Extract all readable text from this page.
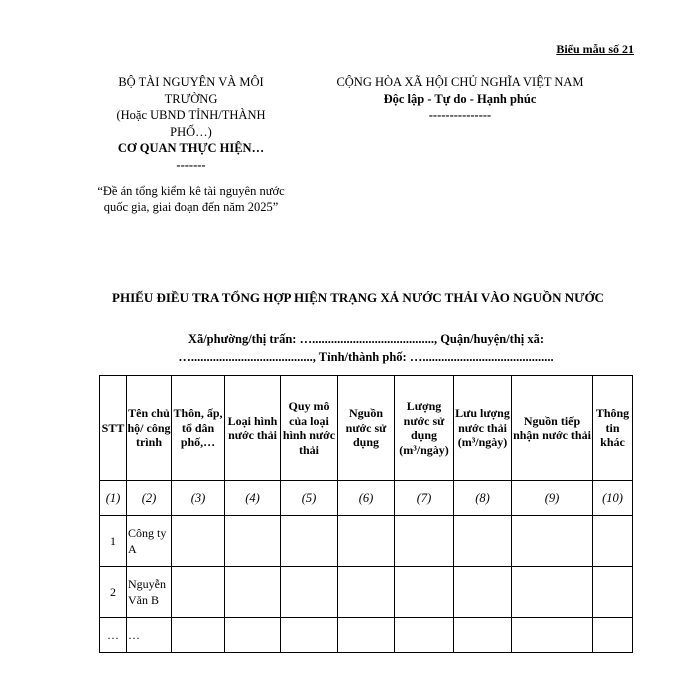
Biểu mẫu số 21
BỘ TÀI NGUYÊN VÀ MÔI TRƯỜNG
(Hoặc UBND TỈNH/THÀNH PHỐ…)
CƠ QUAN THỰC HIỆN…
-------
“Đề án tổng kiểm kê tài nguyên nước quốc gia, giai đoạn đến năm 2025”
CỘNG HÒA XÃ HỘI CHỦ NGHĨA VIỆT NAM
Độc lập - Tự do - Hạnh phúc
---------------
PHIẾU ĐIỀU TRA TỔNG HỢP HIỆN TRẠNG XẢ NƯỚC THẢI VÀO NGUỒN NƯỚC
Xã/phường/thị trấn: …......................................., Quận/huyện/thị xã:
…......................................., Tỉnh/thành phố: …..........................................
STT	Tên chủ hộ/ công trình	Thôn, ấp, tổ dân phố,…	Loại hình nước thải	Quy mô của loại hình nước thải	Nguồn nước sử dụng	Lượng nước sử dụng (m³/ngày)	Lưu lượng nước thải (m³/ngày)	Nguồn tiếp nhận nước thải	Thông tin khác
(1)	(2)	(3)	(4)	(5)	(6)	(7)	(8)	(9)	(10)
1	Công ty A								
2	Nguyễn Văn B								
…	…								
